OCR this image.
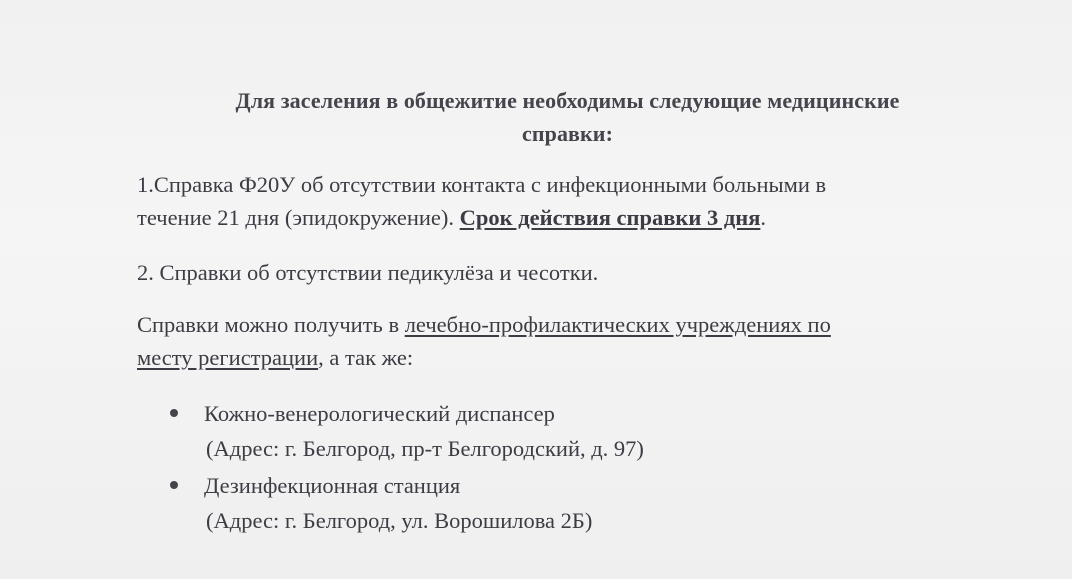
Для заселения в общежитие необходимы следующие медицинские
справки:
1.Справка Ф20У об отсутствии контакта с инфекционными больными в
течение 21 дня (эпидокружение). Срок действия справки 3 дня.
2. Справки об отсутствии педикулёза и чесотки.
Справки можно получить в лечебно-профилактических учреждениях по
месту регистрации, а так же:
Кожно-венерологический диспансер
(Адрес: г. Белгород, пр-т Белгородский, д. 97)
Дезинфекционная станция
(Адрес: г. Белгород, ул. Ворошилова 2Б)
